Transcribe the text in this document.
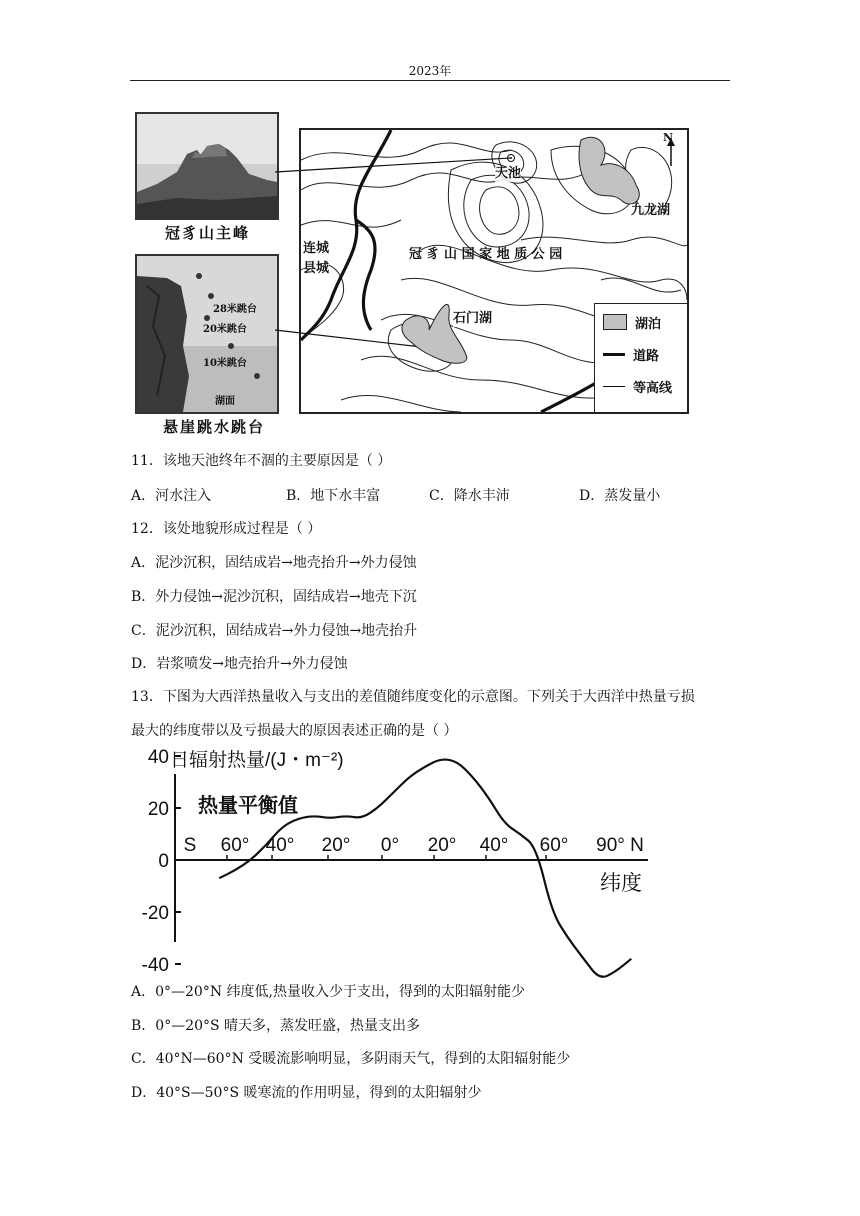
2023年
冠豸山主峰
28米跳台
20米跳台
10米跳台
湖面
悬崖跳水跳台
天池
九龙湖
连城
县城
冠 豸 山 国 家 地 质 公 园
石门湖
N
湖泊
道路
等高线
11．该地天池终年不涸的主要原因是（ ）
A．河水注入	B．地下水丰富	C．降水丰沛	D．蒸发量小
12．该处地貌形成过程是（ ）
A．泥沙沉积，固结成岩→地壳抬升→外力侵蚀
B．外力侵蚀→泥沙沉积，固结成岩→地壳下沉
C．泥沙沉积，固结成岩→外力侵蚀→地壳抬升
D．岩浆喷发→地壳抬升→外力侵蚀
13．下图为大西洋热量收入与支出的差值随纬度变化的示意图。下列关于大西洋中热量亏损
最大的纬度带以及亏损最大的原因表述正确的是（ ）
日辐射热量/(J・m⁻²)
40
20
0
-20
-40
S 60° 40° 20° 0° 20° 40° 60° 90° N
纬度
热量平衡值
A．0°—20°N 纬度低,热量收入少于支出，得到的太阳辐射能少
B．0°—20°S 晴天多，蒸发旺盛，热量支出多
C．40°N—60°N 受暖流影响明显，多阴雨天气，得到的太阳辐射能少
D．40°S—50°S 暖寒流的作用明显，得到的太阳辐射少
